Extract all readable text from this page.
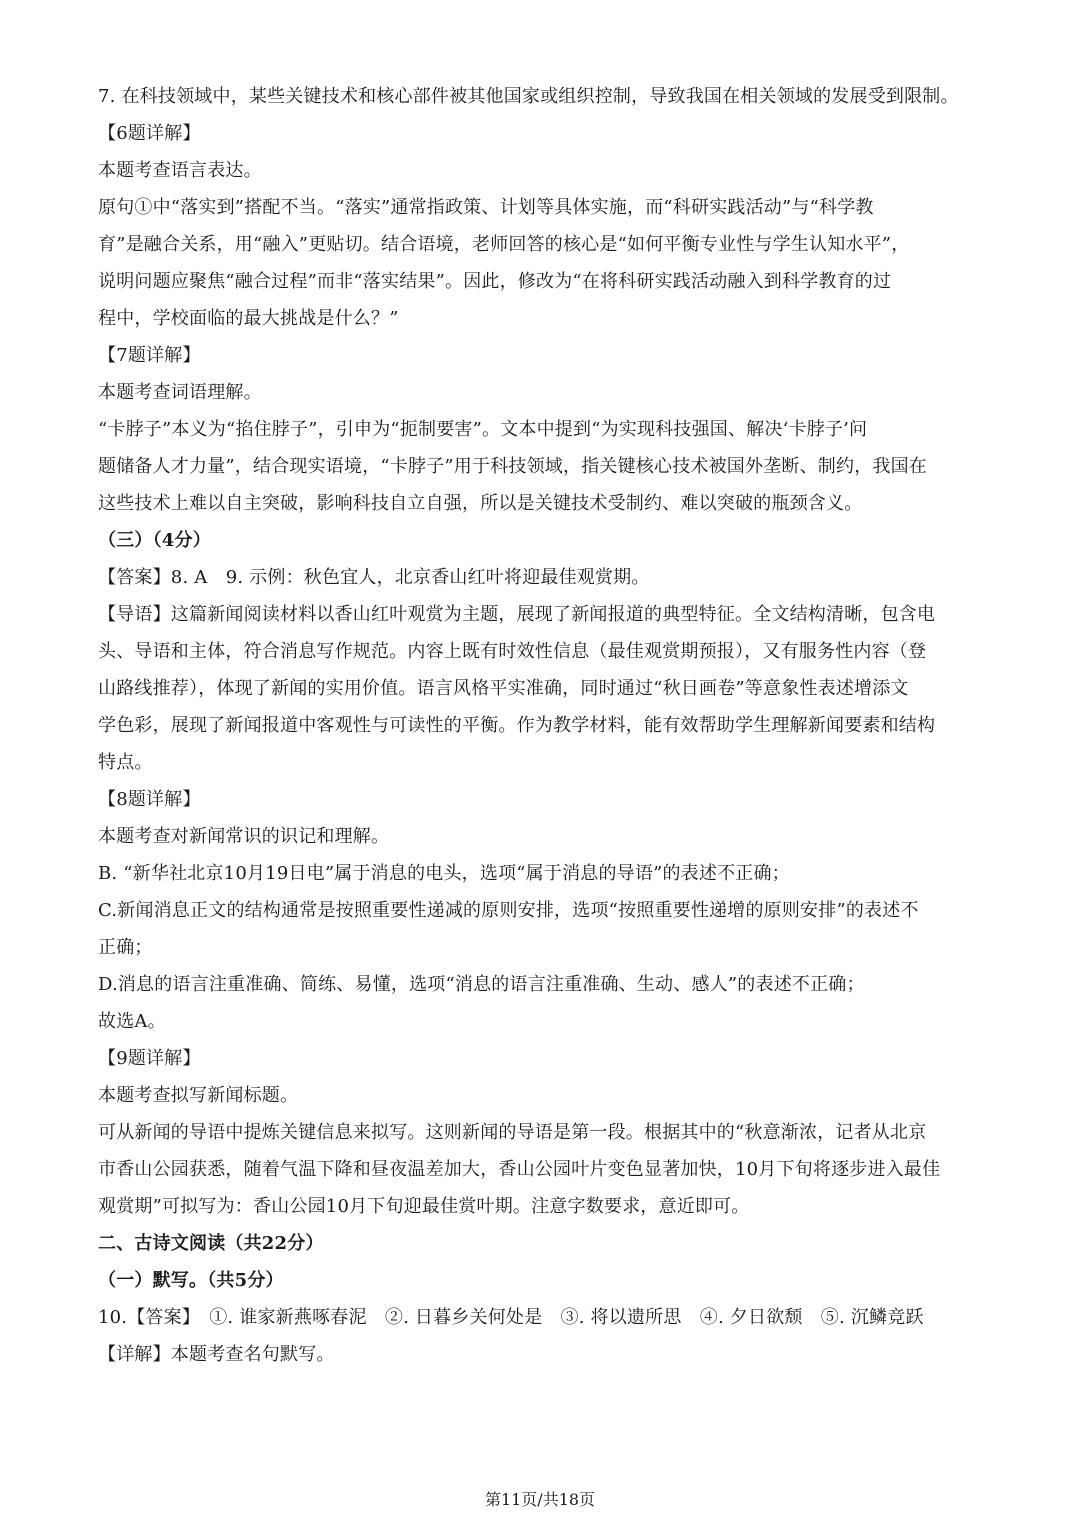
7. 在科技领域中，某些关键技术和核心部件被其他国家或组织控制，导致我国在相关领域的发展受到限制。
【6题详解】
本题考查语言表达。
原句①中“落实到”搭配不当。“落实”通常指政策、计划等具体实施，而“科研实践活动”与“科学教
育”是融合关系，用“融入”更贴切。结合语境，老师回答的核心是“如何平衡专业性与学生认知水平”，
说明问题应聚焦“融合过程”而非“落实结果”。因此，修改为“在将科研实践活动融入到科学教育的过
程中，学校面临的最大挑战是什么？”
【7题详解】
本题考查词语理解。
“卡脖子”本义为“掐住脖子”，引申为“扼制要害”。文本中提到“为实现科技强国、解决‘卡脖子’问
题储备人才力量”，结合现实语境，“卡脖子”用于科技领域，指关键核心技术被国外垄断、制约，我国在
这些技术上难以自主突破，影响科技自立自强，所以是关键技术受制约、难以突破的瓶颈含义。
（三）（4分）
【答案】8. A　9. 示例：秋色宜人，北京香山红叶将迎最佳观赏期。
【导语】这篇新闻阅读材料以香山红叶观赏为主题，展现了新闻报道的典型特征。全文结构清晰，包含电
头、导语和主体，符合消息写作规范。内容上既有时效性信息（最佳观赏期预报），又有服务性内容（登
山路线推荐），体现了新闻的实用价值。语言风格平实准确，同时通过“秋日画卷”等意象性表述增添文
学色彩，展现了新闻报道中客观性与可读性的平衡。作为教学材料，能有效帮助学生理解新闻要素和结构
特点。
【8题详解】
本题考查对新闻常识的识记和理解。
B. “新华社北京10月19日电”属于消息的电头，选项“属于消息的导语”的表述不正确；
C.新闻消息正文的结构通常是按照重要性递减的原则安排，选项“按照重要性递增的原则安排”的表述不
正确；
D.消息的语言注重准确、简练、易懂，选项“消息的语言注重准确、生动、感人”的表述不正确；
故选A。
【9题详解】
本题考查拟写新闻标题。
可从新闻的导语中提炼关键信息来拟写。这则新闻的导语是第一段。根据其中的“秋意渐浓，记者从北京
市香山公园获悉，随着气温下降和昼夜温差加大，香山公园叶片变色显著加快，10月下旬将逐步进入最佳
观赏期”可拟写为：香山公园10月下旬迎最佳赏叶期。注意字数要求，意近即可。
二、古诗文阅读（共22分）
（一）默写。（共5分）
10.【答案】　①. 谁家新燕啄春泥　②. 日暮乡关何处是　③. 将以遗所思　④. 夕日欲颓　⑤. 沉鳞竞跃
【详解】本题考查名句默写。
第11页/共18页
